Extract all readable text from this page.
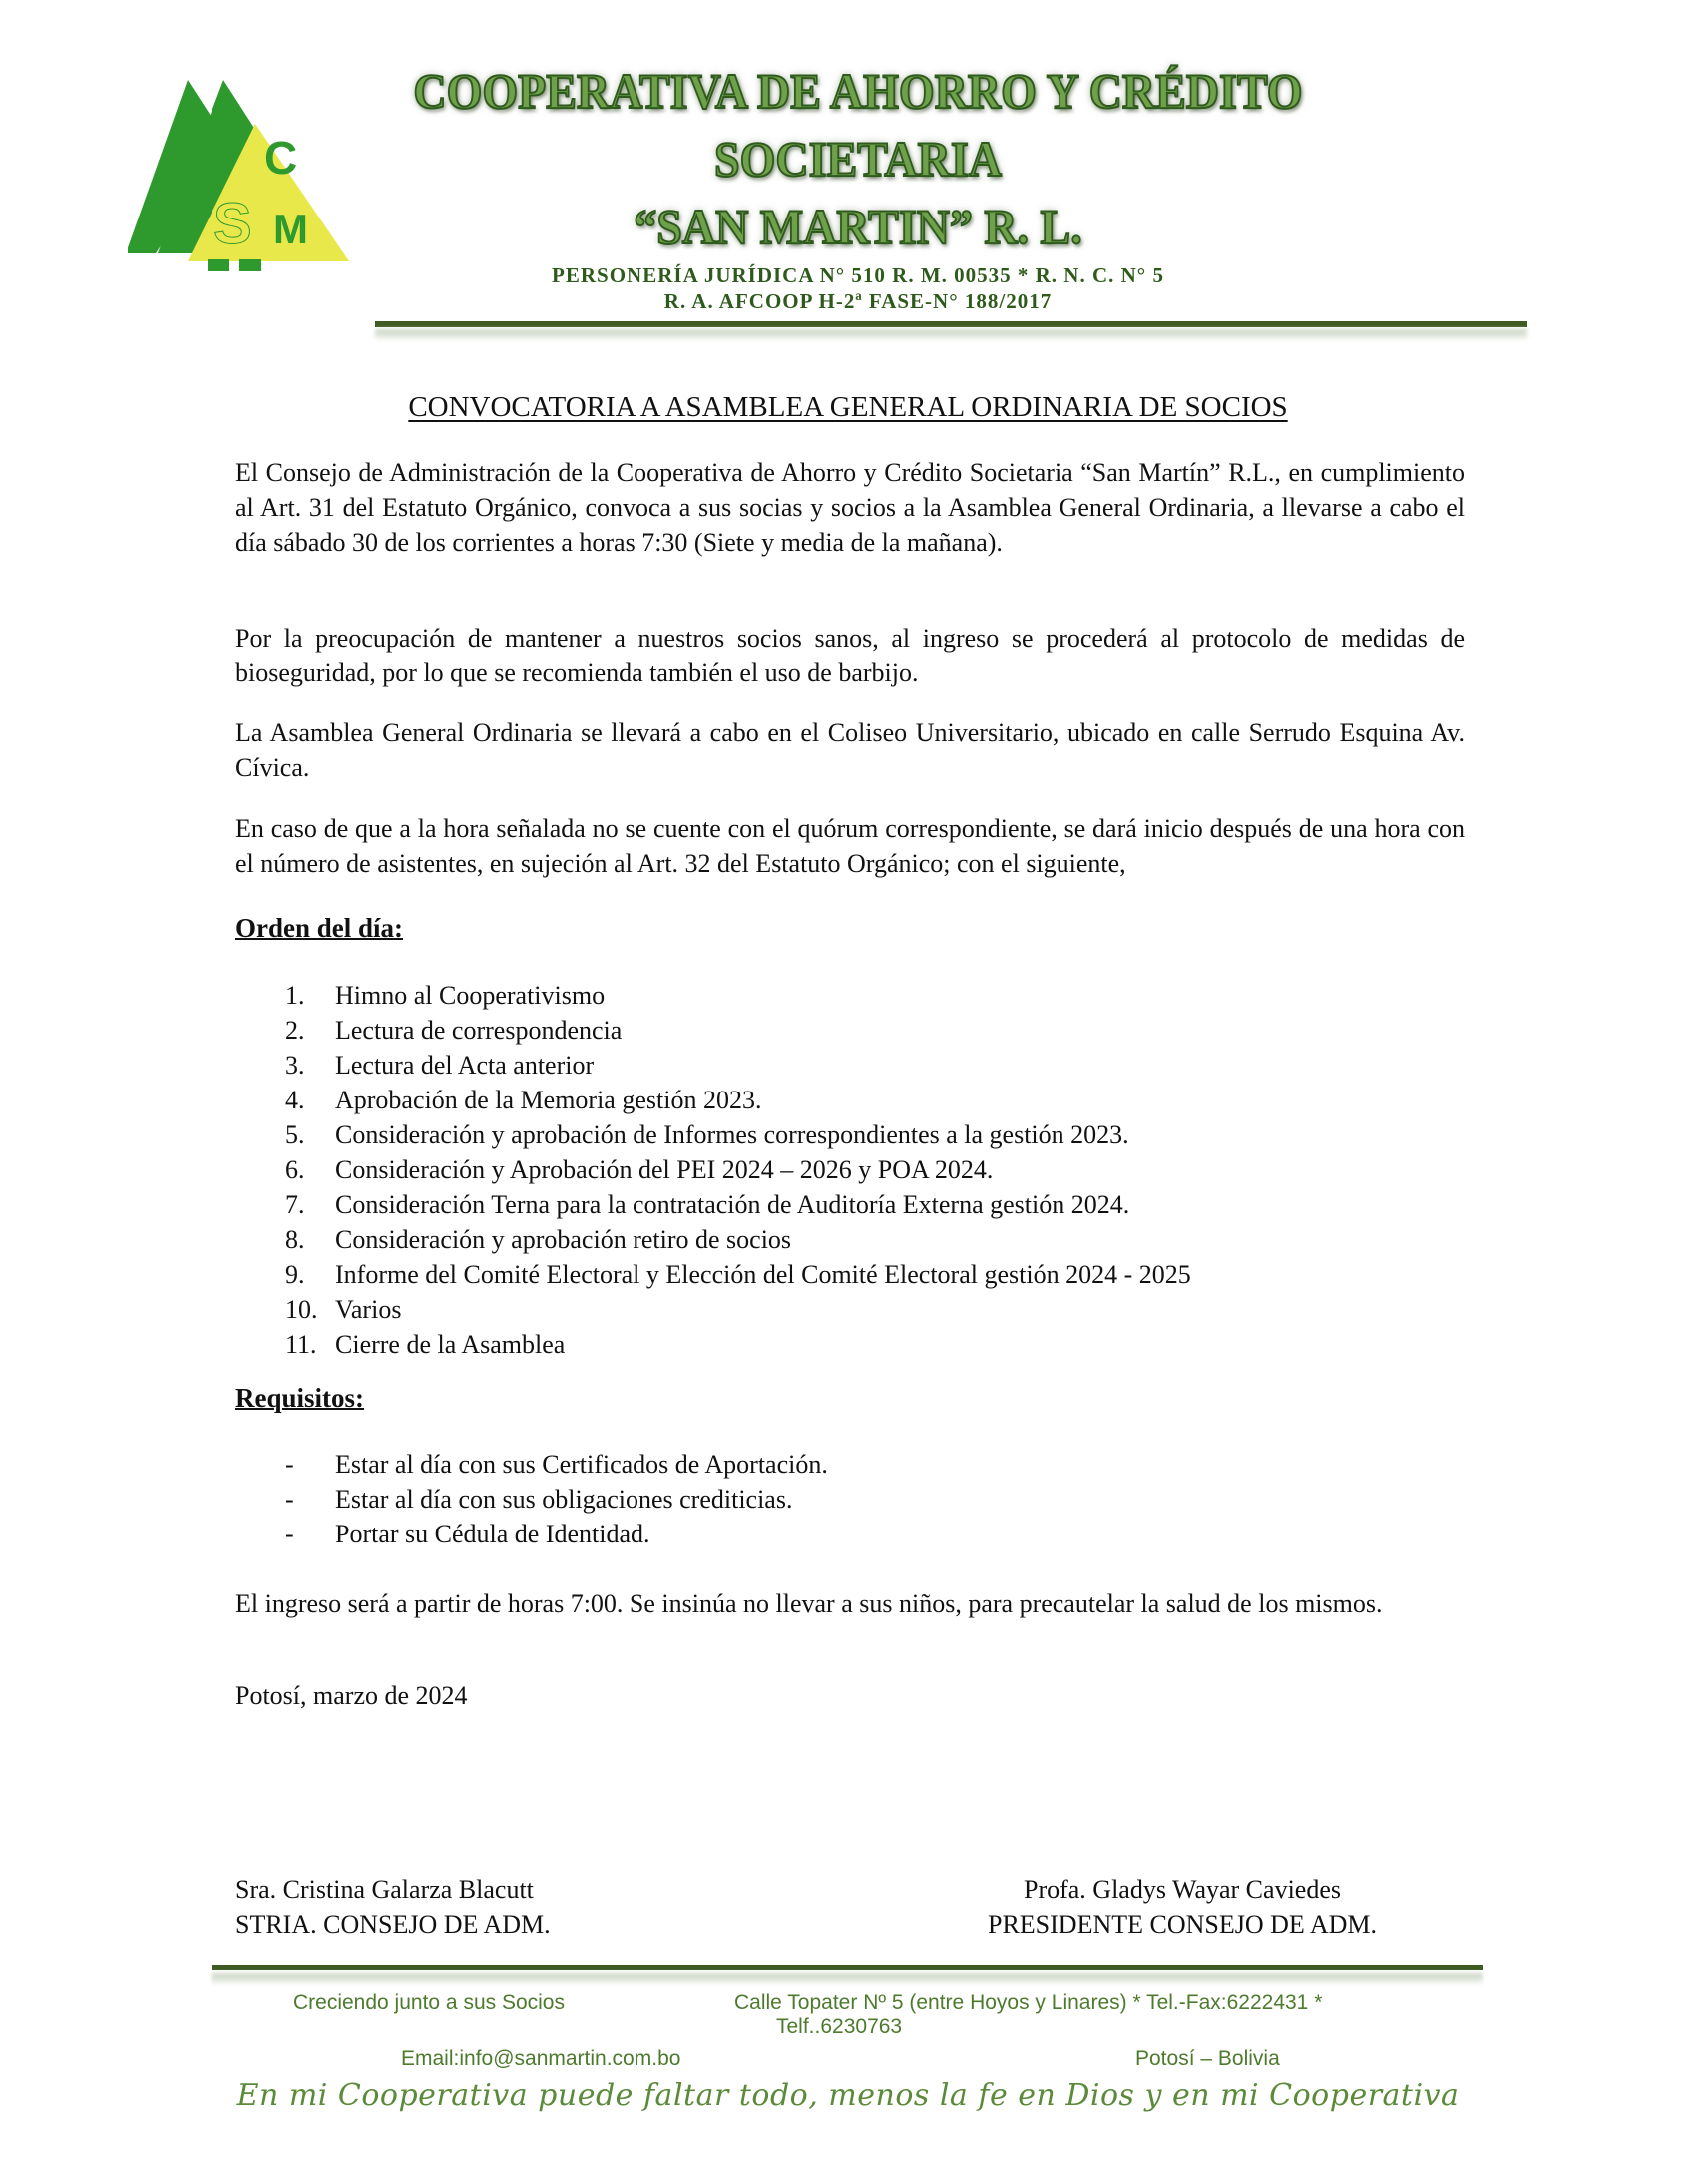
C
S M
COOPERATIVA DE AHORRO Y CRÉDITO
SOCIETARIA
“SAN MARTIN” R. L.
PERSONERÍA JURÍDICA N° 510 R. M. 00535 * R. N. C. N° 5
R. A. AFCOOP H-2ª FASE-N° 188/2017
CONVOCATORIA A ASAMBLEA GENERAL ORDINARIA DE SOCIOS
El Consejo de Administración de la Cooperativa de Ahorro y Crédito Societaria “San Martín” R.L., en cumplimiento al Art. 31 del Estatuto Orgánico, convoca a sus socias y socios a la Asamblea General Ordinaria, a llevarse a cabo el día sábado 30 de los corrientes a horas 7:30 (Siete y media de la mañana).
Por la preocupación de mantener a nuestros socios sanos, al ingreso se procederá al protocolo de medidas de bioseguridad, por lo que se recomienda también el uso de barbijo.
La Asamblea General Ordinaria se llevará a cabo en el Coliseo Universitario, ubicado en calle Serrudo Esquina Av. Cívica.
En caso de que a la hora señalada no se cuente con el quórum correspondiente, se dará inicio después de una hora con el número de asistentes, en sujeción al Art. 32 del Estatuto Orgánico; con el siguiente,
Orden del día:
1. Himno al Cooperativismo
2. Lectura de correspondencia
3. Lectura del Acta anterior
4. Aprobación de la Memoria gestión 2023.
5. Consideración y aprobación de Informes correspondientes a la gestión 2023.
6. Consideración y Aprobación del PEI 2024 – 2026 y POA 2024.
7. Consideración Terna para la contratación de Auditoría Externa gestión 2024.
8. Consideración y aprobación retiro de socios
9. Informe del Comité Electoral y Elección del Comité Electoral gestión 2024 - 2025
10. Varios
11. Cierre de la Asamblea
Requisitos:
- Estar al día con sus Certificados de Aportación.
- Estar al día con sus obligaciones crediticias.
- Portar su Cédula de Identidad.
El ingreso será a partir de horas 7:00. Se insinúa no llevar a sus niños, para precautelar la salud de los mismos.
Potosí, marzo de 2024
Sra. Cristina Galarza Blacutt
STRIA. CONSEJO DE ADM.
Profa. Gladys Wayar Caviedes
PRESIDENTE CONSEJO DE ADM.
Creciendo junto a sus Socios	Calle Topater Nº 5 (entre Hoyos y Linares) * Tel.-Fax:6222431 *
Telf..6230763
Email:info@sanmartin.com.bo	Potosí – Bolivia
En mi Cooperativa puede faltar todo, menos la fe en Dios y en mi Cooperativa
